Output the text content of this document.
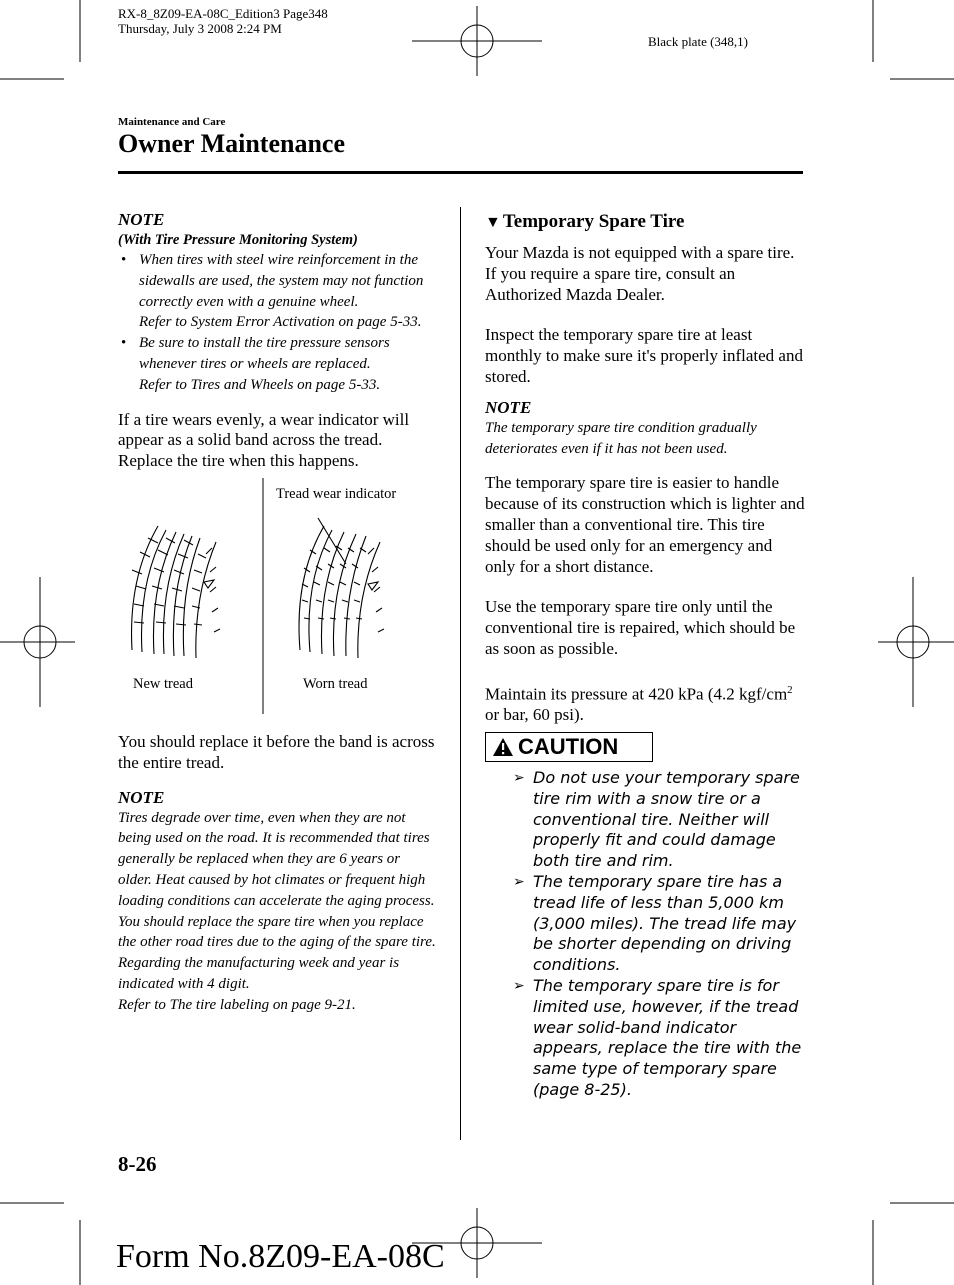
RX-8_8Z09-EA-08C_Edition3 Page348
Thursday, July 3 2008 2:24 PM
Black plate (348,1)
Maintenance and Care
Owner Maintenance

NOTE

(With Tire Pressure Monitoring System)

• When tires with steel wire reinforcement in the sidewalls are used, the system may not function correctly even with a genuine wheel.
Refer to System Error Activation on page 5-33.
• Be sure to install the tire pressure sensors whenever tires or wheels are replaced.
Refer to Tires and Wheels on page 5-33.

If a tire wears evenly, a wear indicator will appear as a solid band across the tread.

Replace the tire when this happens.

Tread wear indicator
New tread	Worn tread

You should replace it before the band is across the entire tread.

NOTE

Tires degrade over time, even when they are not being used on the road. It is recommended that tires generally be replaced when they are 6 years or older. Heat caused by hot climates or frequent high loading conditions can accelerate the aging process. You should replace the spare tire when you replace the other road tires due to the aging of the spare tire. Regarding the manufacturing week and year is indicated with 4 digit.

Refer to The tire labeling on page 9-21.

▼ Temporary Spare Tire

Your Mazda is not equipped with a spare tire. If you require a spare tire, consult an Authorized Mazda Dealer.

Inspect the temporary spare tire at least monthly to make sure it's properly inflated and stored.

NOTE

The temporary spare tire condition gradually deteriorates even if it has not been used.

The temporary spare tire is easier to handle because of its construction which is lighter and smaller than a conventional tire. This tire should be used only for an emergency and only for a short distance.

Use the temporary spare tire only until the conventional tire is repaired, which should be as soon as possible.

Maintain its pressure at 420 kPa (4.2 kgf/$cm^2$ or bar, 60 psi).

CAUTION
➢ Do not use your temporary spare tire rim with a snow tire or a conventional tire. Neither will properly fit and could damage both tire and rim.
➢ The temporary spare tire has a tread life of less than 5,000 km (3,000 miles). The tread life may be shorter depending on driving conditions.
➢ The temporary spare tire is for limited use, however, if the tread wear solid-band indicator appears, replace the tire with the same type of temporary spare (page 8-25).
8-26
Form No.8Z09-EA-08C
